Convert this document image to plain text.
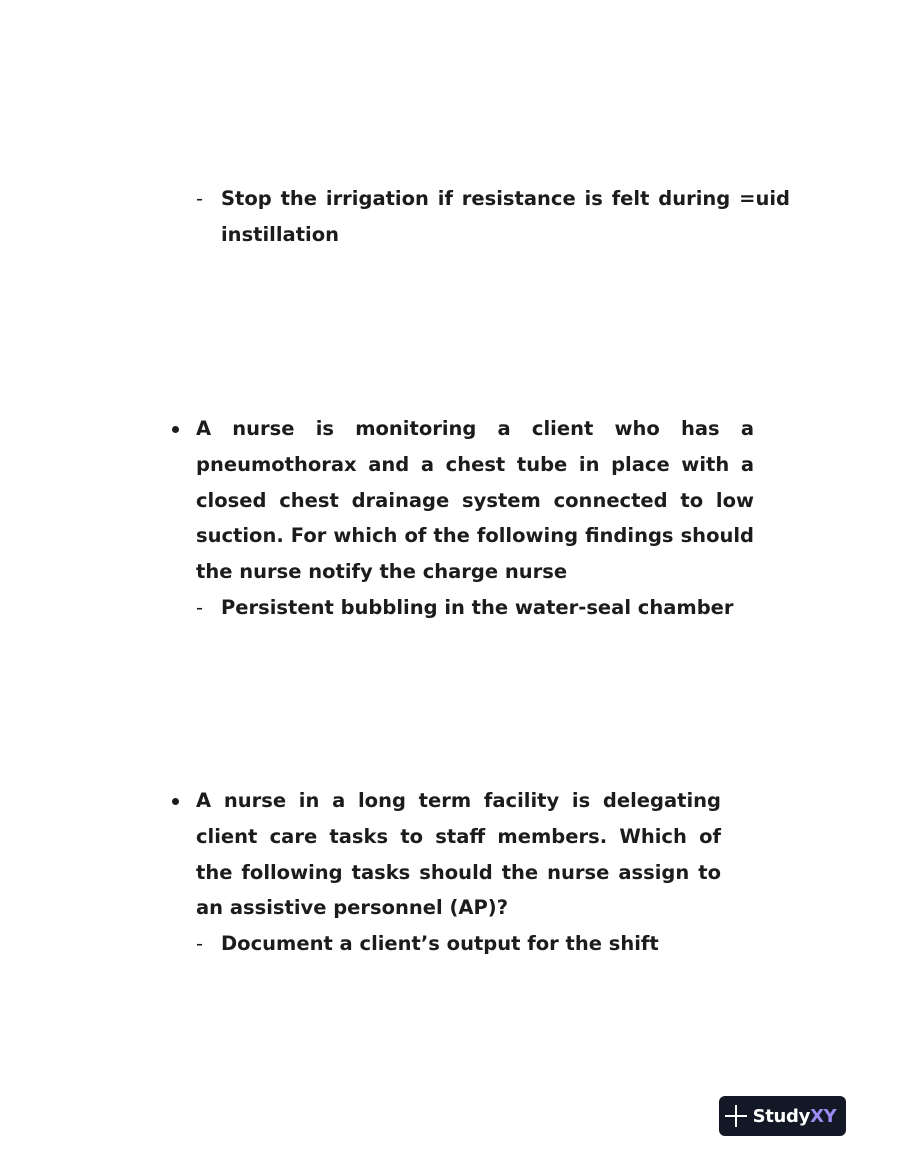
- Stop the irrigation if resistance is felt during =uid instillation

A nurse is monitoring a client who has a pneumothorax and a chest tube in place with a closed chest drainage system connected to low suction. For which of the following findings should the nurse notify the charge nurse

- Persistent bubbling in the water-seal chamber

A nurse in a long term facility is delegating client care tasks to staff members. Which of the following tasks should the nurse assign to an assistive personnel (AP)?

- Document a client’s output for the shift

StudyXY
